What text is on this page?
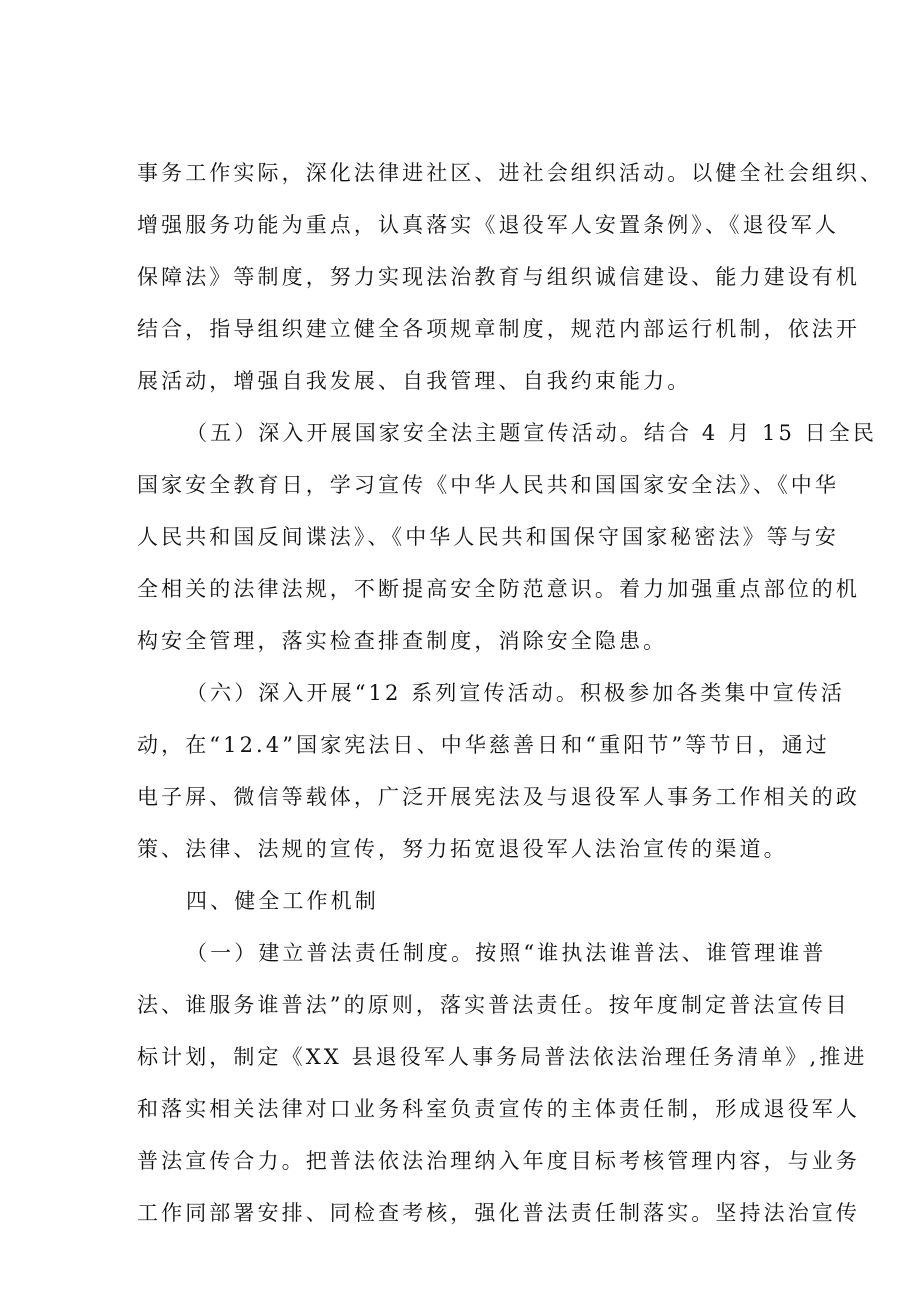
事务工作实际，深化法律进社区、进社会组织活动。以健全社会组织、
增强服务功能为重点，认真落实《退役军人安置条例》、《退役军人
保障法》等制度，努力实现法治教育与组织诚信建设、能力建设有机
结合，指导组织建立健全各项规章制度，规范内部运行机制，依法开
展活动，增强自我发展、自我管理、自我约束能力。
（五）深入开展国家安全法主题宣传活动。结合 4 月 15 日全民
国家安全教育日，学习宣传《中华人民共和国国家安全法》、《中华
人民共和国反间谍法》、《中华人民共和国保守国家秘密法》等与安
全相关的法律法规，不断提高安全防范意识。着力加强重点部位的机
构安全管理，落实检查排查制度，消除安全隐患。
（六）深入开展“12 系列宣传活动。积极参加各类集中宣传活
动，在“12.4”国家宪法日、中华慈善日和“重阳节”等节日，通过
电子屏、微信等载体，广泛开展宪法及与退役军人事务工作相关的政
策、法律、法规的宣传，努力拓宽退役军人法治宣传的渠道。
四、健全工作机制
（一）建立普法责任制度。按照“谁执法谁普法、谁管理谁普
法、谁服务谁普法”的原则，落实普法责任。按年度制定普法宣传目
标计划，制定《XX 县退役军人事务局普法依法治理任务清单》,推进
和落实相关法律对口业务科室负责宣传的主体责任制，形成退役军人
普法宣传合力。把普法依法治理纳入年度目标考核管理内容，与业务
工作同部署安排、同检查考核，强化普法责任制落实。坚持法治宣传
